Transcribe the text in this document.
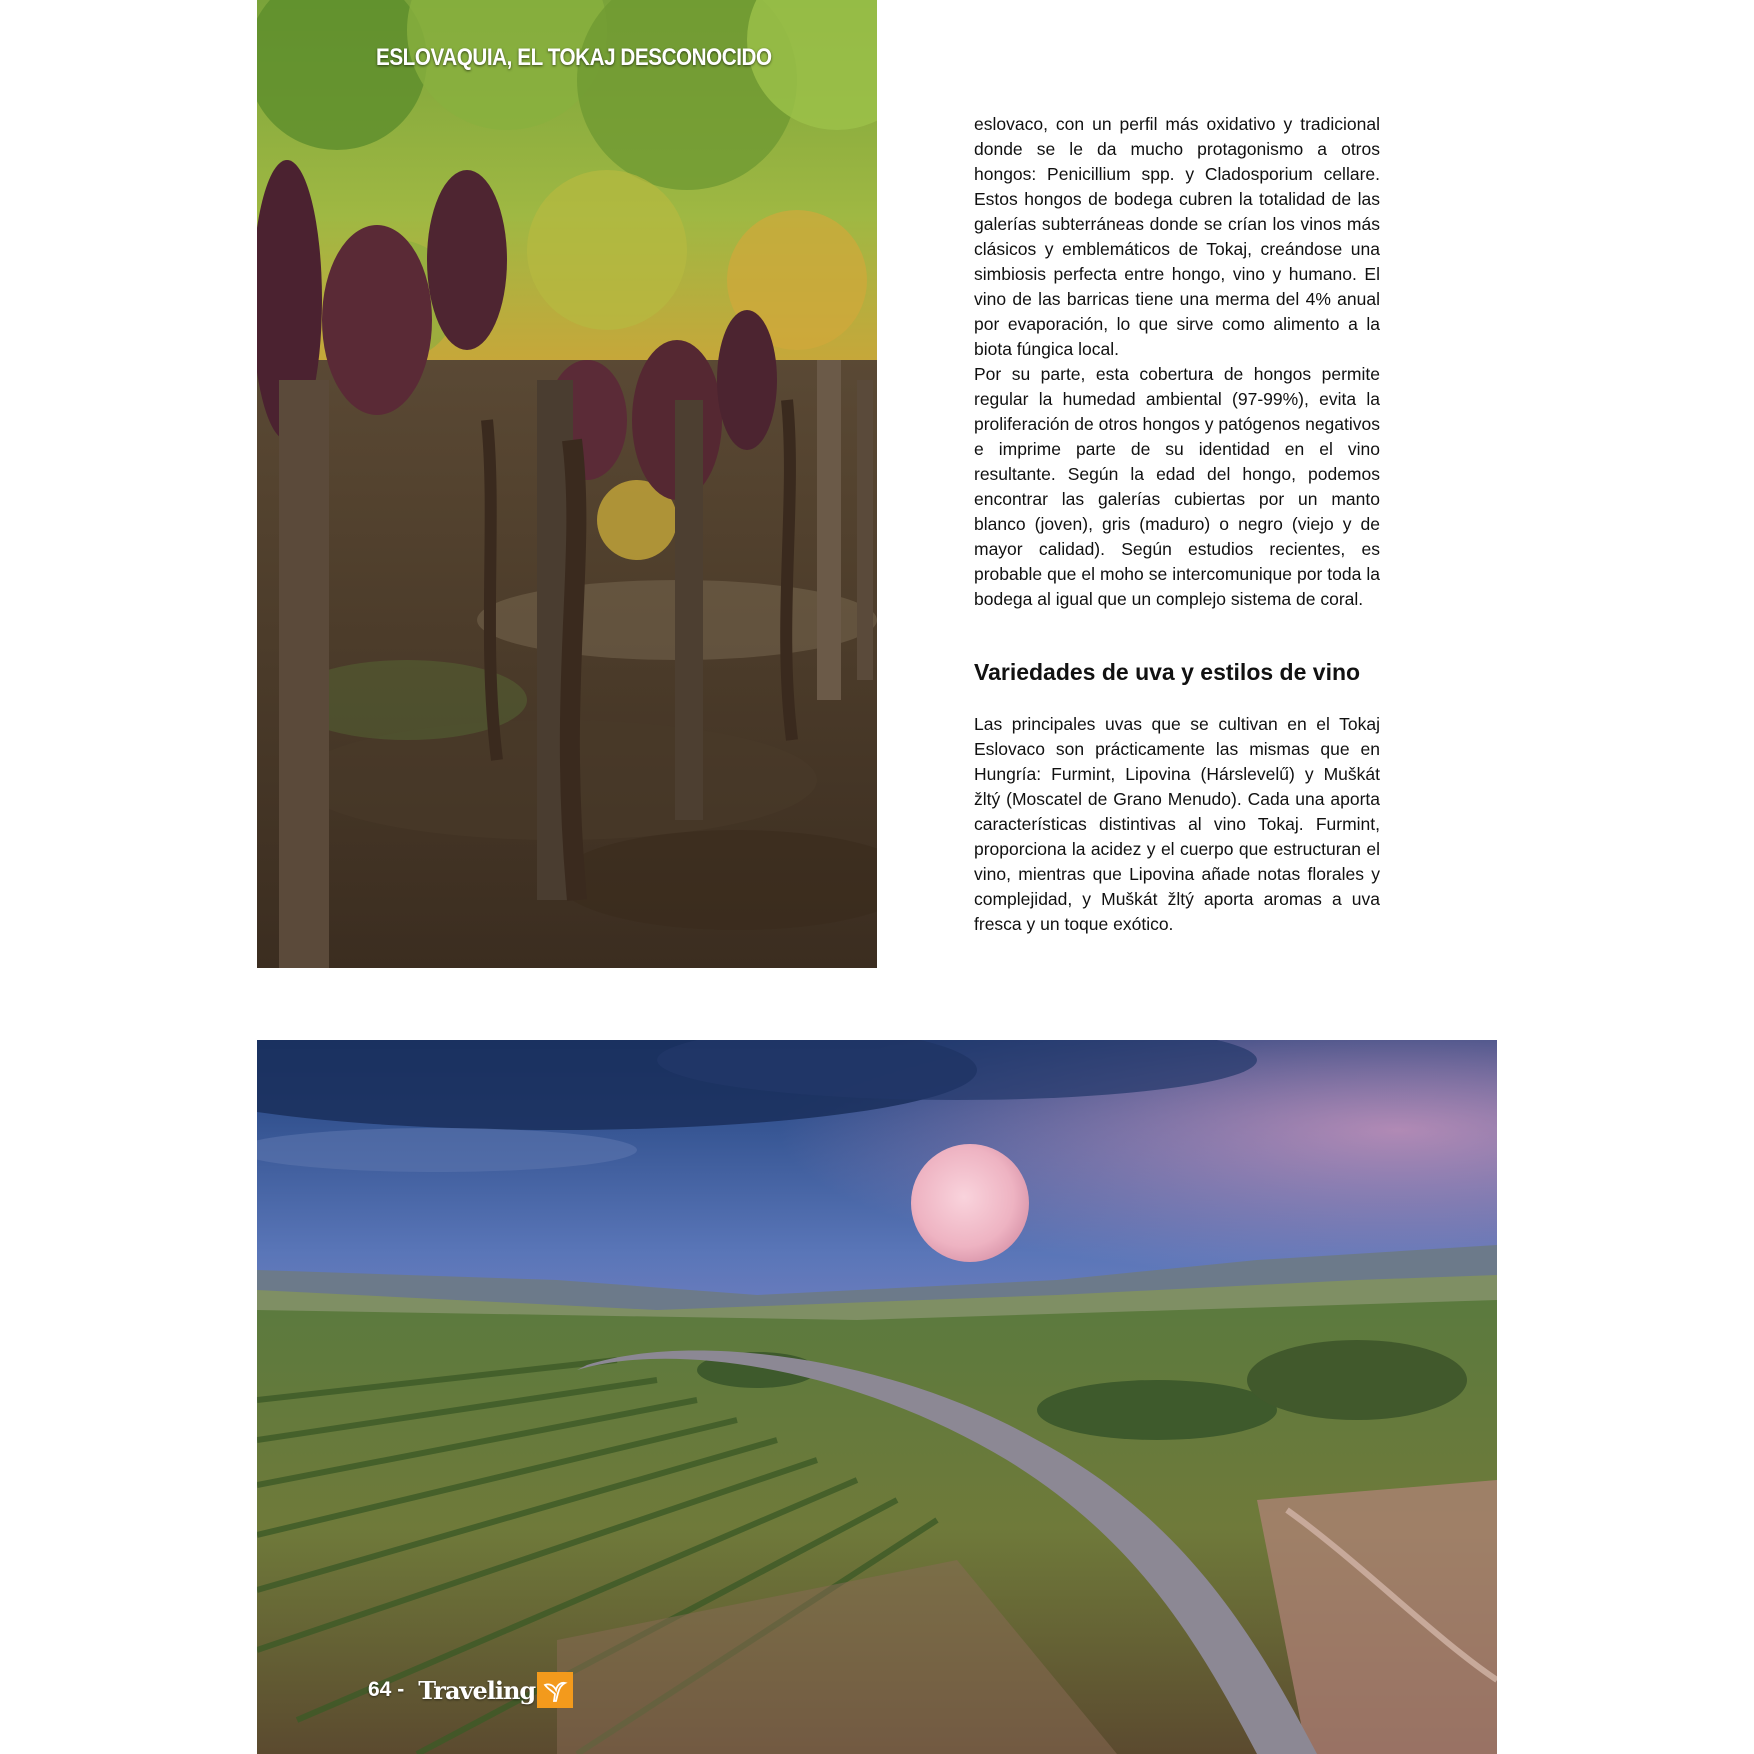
ESLOVAQUIA, EL TOKAJ DESCONOCIDO

eslovaco, con un perfil más oxidativo y tradicional donde se le da mucho protagonismo a otros hongos: Penicillium spp. y Cladosporium cellare. Estos hongos de bodega cubren la totalidad de las galerías subterráneas donde se crían los vinos más clásicos y emblemáticos de Tokaj, creándose una simbiosis perfecta entre hongo, vino y humano. El vino de las barricas tiene una merma del 4% anual por evaporación, lo que sirve como alimento a la biota fúngica local.

Por su parte, esta cobertura de hongos permite regular la humedad ambiental (97-99%), evita la proliferación de otros hongos y patógenos negativos e imprime parte de su identidad en el vino resultante. Según la edad del hongo, podemos encontrar las galerías cubiertas por un manto blanco (joven), gris (maduro) o negro (viejo y de mayor calidad). Según estudios recientes, es probable que el moho se intercomunique por toda la bodega al igual que un complejo sistema de coral.

Variedades de uva y estilos de vino

Las principales uvas que se cultivan en el Tokaj Eslovaco son prácticamente las mismas que en Hungría: Furmint, Lipovina (Hárslevelű) y Muškát žltý (Moscatel de Grano Menudo). Cada una aporta características distintivas al vino Tokaj. Furmint, proporciona la acidez y el cuerpo que estructuran el vino, mientras que Lipovina añade notas florales y complejidad, y Muškát žltý aporta aromas a uva fresca y un toque exótico.

64 - Traveling
